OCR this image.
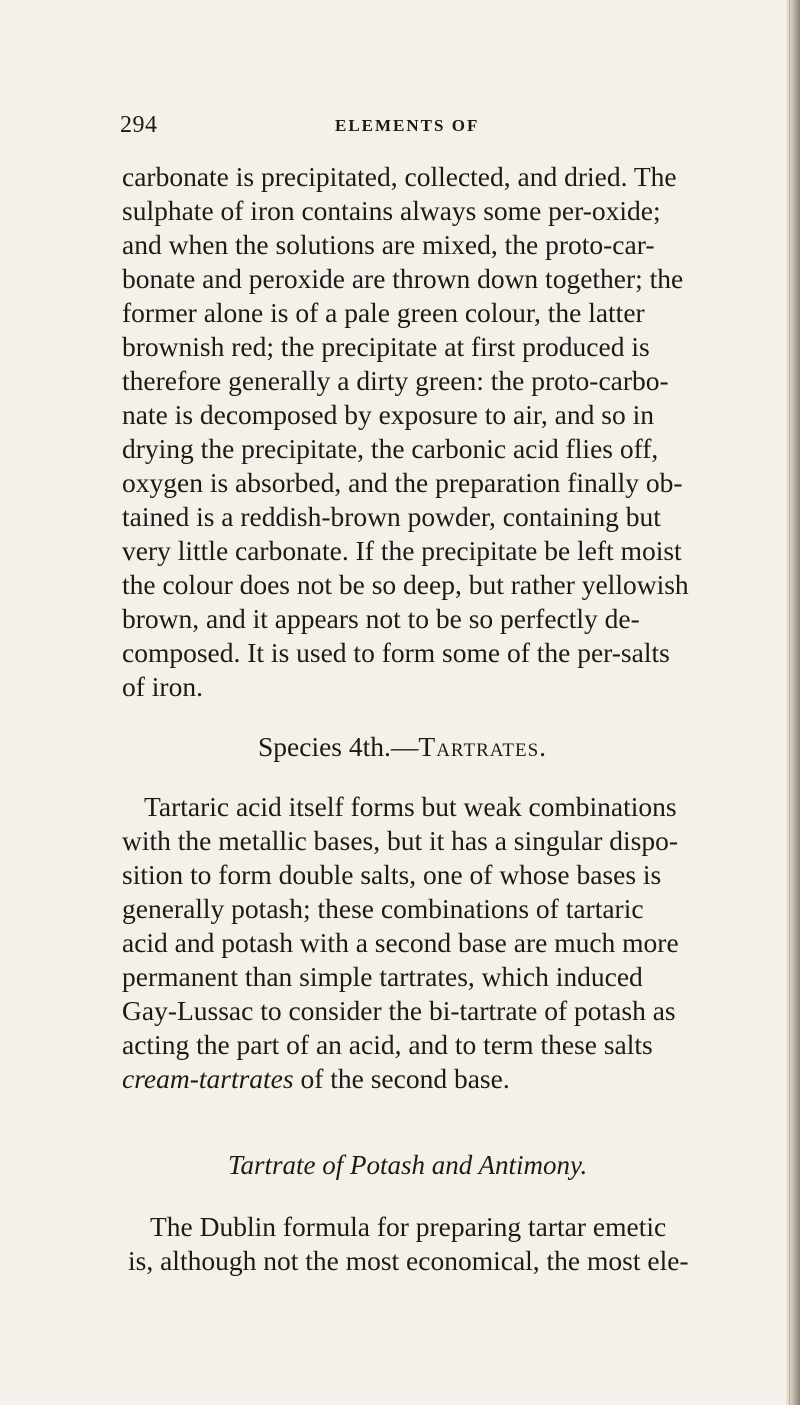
294	ELEMENTS OF
carbonate is precipitated, collected, and dried. The
sulphate of iron contains always some per-oxide;
and when the solutions are mixed, the proto-car-
bonate and peroxide are thrown down together; the
former alone is of a pale green colour, the latter
brownish red; the precipitate at first produced is
therefore generally a dirty green: the proto-carbo-
nate is decomposed by exposure to air, and so in
drying the precipitate, the carbonic acid flies off,
oxygen is absorbed, and the preparation finally ob-
tained is a reddish-brown powder, containing but
very little carbonate. If the precipitate be left moist
the colour does not be so deep, but rather yellowish
brown, and it appears not to be so perfectly de-
composed. It is used to form some of the per-salts
of iron.
Species 4th.—Tartrates.
Tartaric acid itself forms but weak combinations
with the metallic bases, but it has a singular dispo-
sition to form double salts, one of whose bases is
generally potash; these combinations of tartaric
acid and potash with a second base are much more
permanent than simple tartrates, which induced
Gay-Lussac to consider the bi-tartrate of potash as
acting the part of an acid, and to term these salts
cream-tartrates of the second base.
Tartrate of Potash and Antimony.
The Dublin formula for preparing tartar emetic
is, although not the most economical, the most ele-
